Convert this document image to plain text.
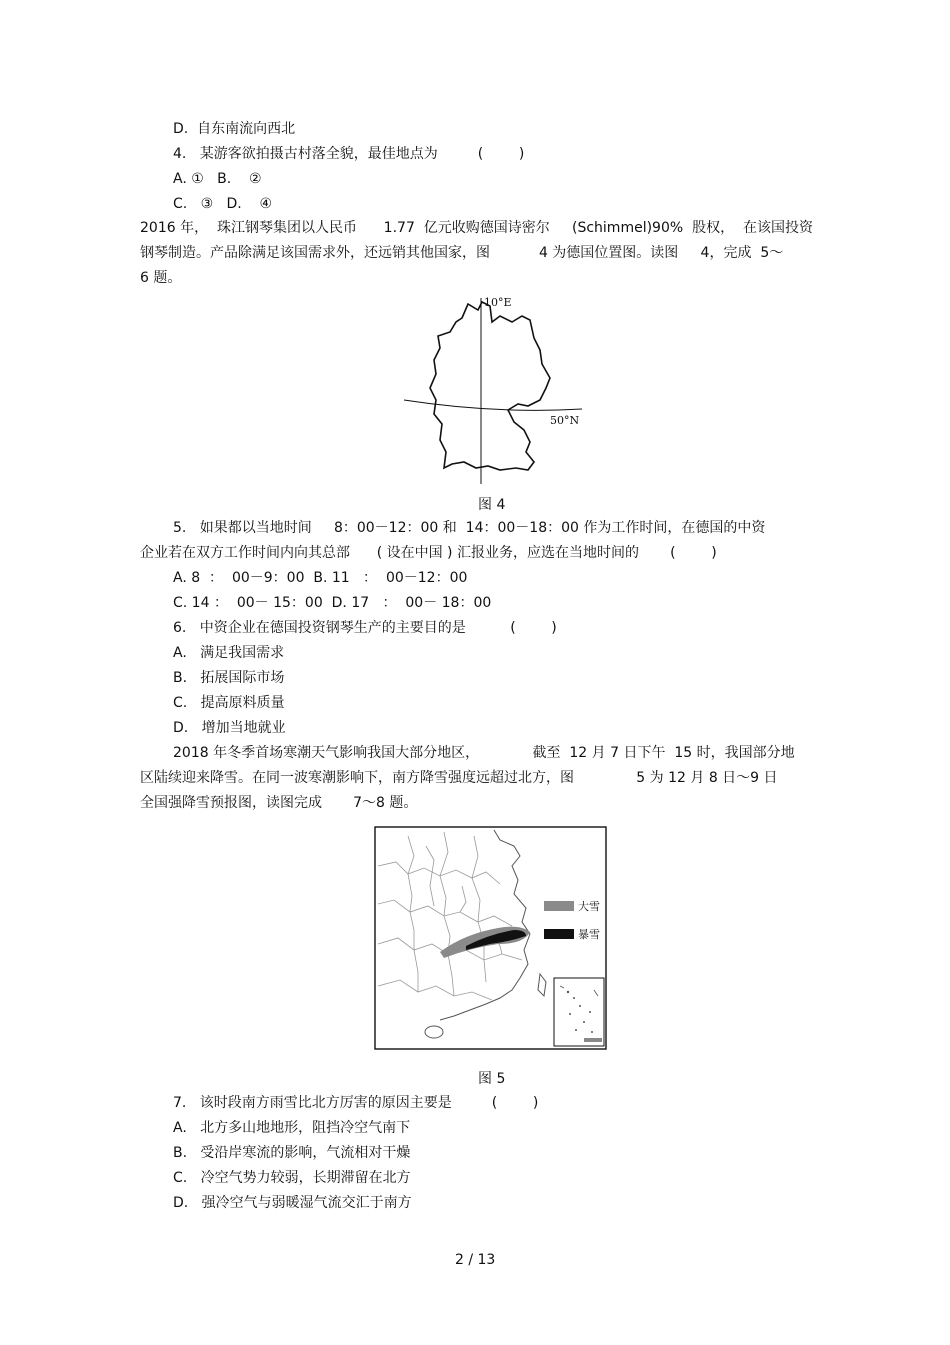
D.  自东南流向西北
4.   某游客欲拍摄古村落全貌，最佳地点为         (        )
A. ①   B.    ②
C.   ③   D.    ④
2016 年，  珠江钢琴集团以人民币      1.77  亿元收购德国诗密尔     (Schimmel)90%  股权，  在该国投资
钢琴制造。产品除满足该国需求外，还远销其他国家，图           4 为德国位置图。读图     4，完成  5～
6 题。
10°E
50°N
图 4
5.   如果都以当地时间     8：00－12：00 和  14：00－18：00 作为工作时间，在德国的中资
企业若在双方工作时间内向其总部      ( 设在中国 ) 汇报业务，应选在当地时间的       (        )
A. 8  ：  00－9：00  B. 11   ：  00－12：00
C. 14 ：  00－ 15：00  D. 17   ：  00－ 18：00
6.   中资企业在德国投资钢琴生产的主要目的是          (        )
A.   满足我国需求
B.   拓展国际市场
C.   提高原料质量
D.   增加当地就业
2018 年冬季首场寒潮天气影响我国大部分地区，            截至  12 月 7 日下午  15 时，我国部分地
区陆续迎来降雪。在同一波寒潮影响下，南方降雪强度远超过北方，图              5 为 12 月 8 日～9 日
全国强降雪预报图，读图完成       7～8 题。
大雪
暴雪
图 5
7.   该时段南方雨雪比北方厉害的原因主要是         (        )
A.   北方多山地地形，阻挡冷空气南下
B.   受沿岸寒流的影响，气流相对干燥
C.   冷空气势力较弱，长期滞留在北方
D.   强冷空气与弱暖湿气流交汇于南方
2 / 13
